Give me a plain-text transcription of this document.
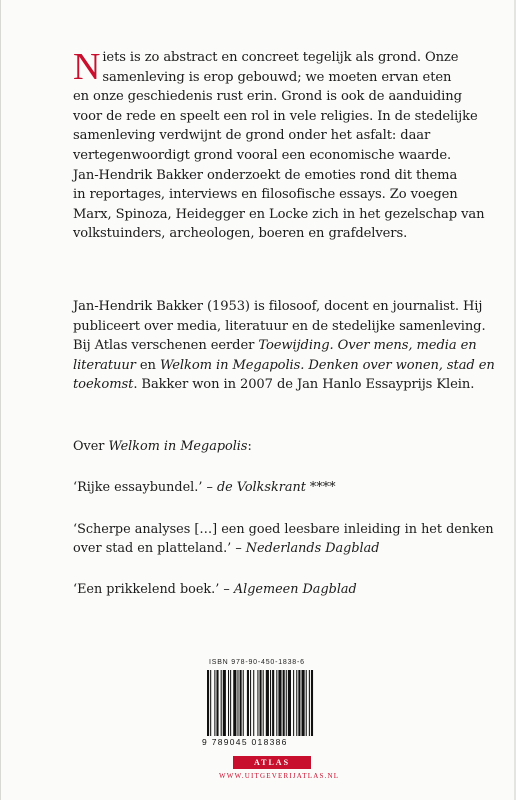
N iets is zo abstract en concreet tegelijk als grond. Onze
samenleving is erop gebouwd; we moeten ervan eten
en onze geschiedenis rust erin. Grond is ook de aanduiding
voor de rede en speelt een rol in vele religies. In de stedelijke
samenleving verdwijnt de grond onder het asfalt: daar
vertegenwoordigt grond vooral een economische waarde.
Jan-Hendrik Bakker onderzoekt de emoties rond dit thema
in reportages, interviews en filosofische essays. Zo voegen
Marx, Spinoza, Heidegger en Locke zich in het gezelschap van
volkstuinders, archeologen, boeren en grafdelvers.
Jan-Hendrik Bakker (1953) is filosoof, docent en journalist. Hij
publiceert over media, literatuur en de stedelijke samenleving.
Bij Atlas verschenen eerder Toewijding. Over mens, media en
literatuur en Welkom in Megapolis. Denken over wonen, stad en
toekomst. Bakker won in 2007 de Jan Hanlo Essayprijs Klein.
Over Welkom in Megapolis:
‘Rijke essaybundel.’ – de Volkskrant ****
‘Scherpe analyses […] een goed leesbare inleiding in het denken
over stad en platteland.’ – Nederlands Dagblad
‘Een prikkelend boek.’ – Algemeen Dagblad
ISBN 978-90-450-1838-6
9 789045 018386
ATLAS
WWW.UITGEVERIJATLAS.NL
